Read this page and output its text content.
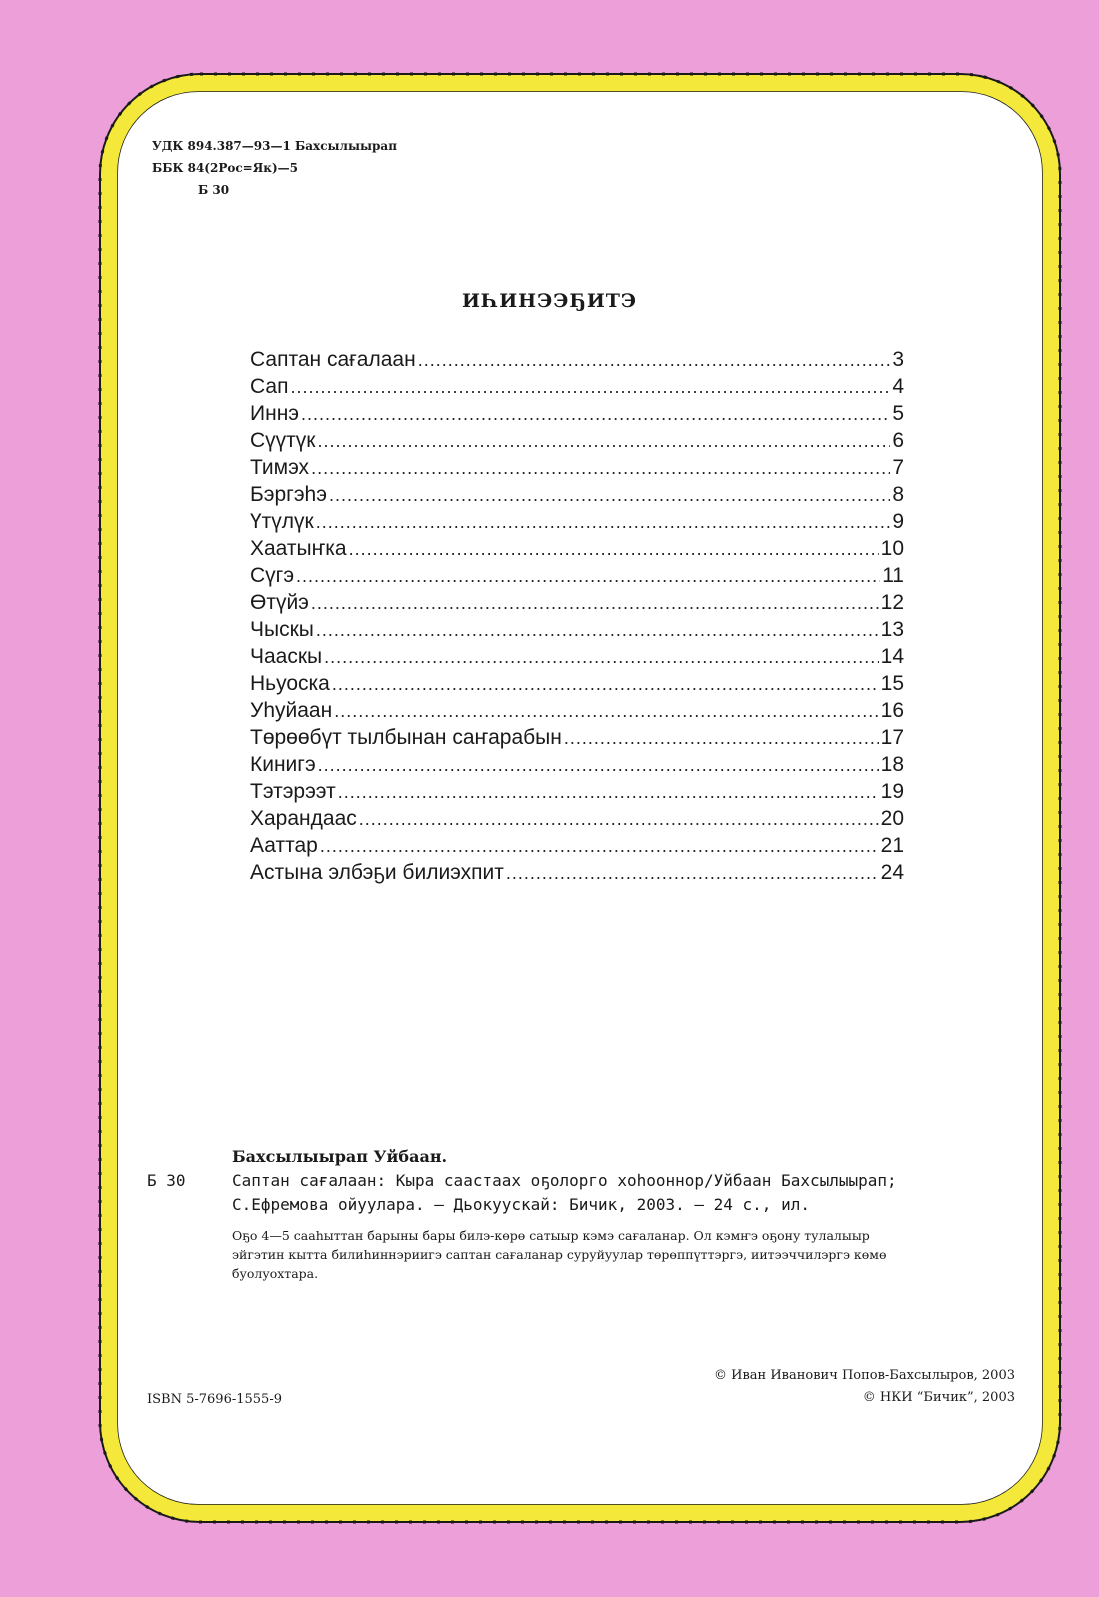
УДК 894.387—93—1 Бахсылыырап
ББК 84(2Рос=Як)—5
Б 30
ИҺИНЭЭҔИТЭ
Саптан сағалаан .....	3
Сап .....	4
Иннэ .....	5
Сүүтүк .....	6
Тимэх .....	7
Бэргэһэ .....	8
Үтүлүк .....	9
Хаатыҥка .....	10
Сүгэ .....	11
Өтүйэ .....	12
Чыскы .....	13
Чааскы .....	14
Ньуоска .....	15
Уһуйаан .....	16
Төрөөбүт тылбынан саҥарабын .....	17
Кинигэ .....	18
Тэтэрээт .....	19
Харандаас .....	20
Ааттар .....	21
Астына элбэҕи билиэхпит .....	24
Бахсылыырап Уйбаан.
Б 30	Саптан сағалаан: Кыра саастаах оҕолорго хоһооннор/Уйбаан Бахсылыырап;
С.Ефремова ойуулара. — Дьокуускай: Бичик, 2003. — 24 с., ил.
Оҕо 4—5 сааһыттан барыны бары билэ-көрө сатыыр кэмэ сағаланар. Ол кэмҥэ оҕону тулалыыр
эйгэтин кытта билиһиннэриигэ саптан сағаланар суруйуулар төрөппүттэргэ, иитээччилэргэ көмө
буолуохтара.
ISBN 5-7696-1555-9
© Иван Иванович Попов-Бахсылыров, 2003
© НКИ “Бичик”, 2003
